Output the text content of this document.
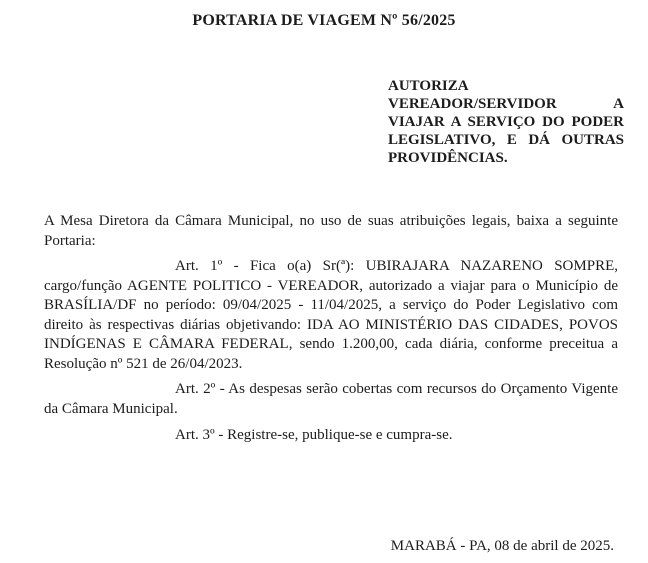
PORTARIA DE VIAGEM Nº 56/2025
AUTORIZA VEREADOR/SERVIDOR A VIAJAR A SERVIÇO DO PODER LEGISLATIVO, E DÁ OUTRAS PROVIDÊNCIAS.
A Mesa Diretora da Câmara Municipal, no uso de suas atribuições legais, baixa a seguinte Portaria:
Art. 1º - Fica o(a) Sr(ª): UBIRAJARA NAZARENO SOMPRE, cargo/função AGENTE POLITICO - VEREADOR, autorizado a viajar para o Município de BRASÍLIA/DF no período: 09/04/2025 - 11/04/2025, a serviço do Poder Legislativo com direito às respectivas diárias objetivando: IDA AO MINISTÉRIO DAS CIDADES, POVOS INDÍGENAS E CÂMARA FEDERAL, sendo 1.200,00, cada diária, conforme preceitua a Resolução nº 521 de 26/04/2023.
Art. 2º - As despesas serão cobertas com recursos do Orçamento Vigente da Câmara Municipal.
Art. 3º - Registre-se, publique-se e cumpra-se.
MARABÁ - PA, 08 de abril de 2025.
